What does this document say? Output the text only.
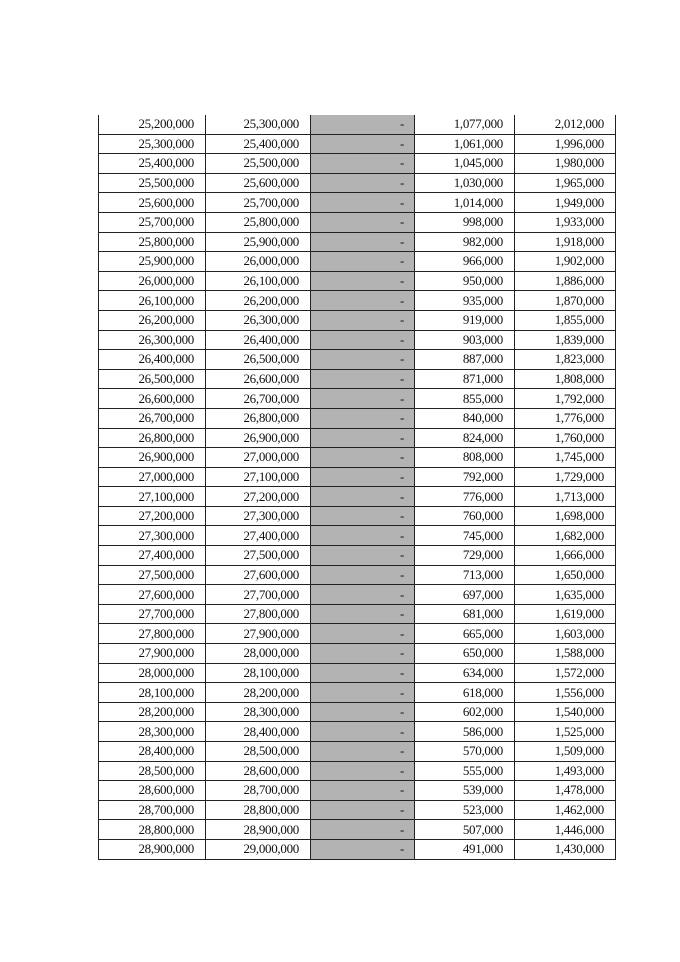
25,200,000	25,300,000	-	1,077,000	2,012,000
25,300,000	25,400,000	-	1,061,000	1,996,000
25,400,000	25,500,000	-	1,045,000	1,980,000
25,500,000	25,600,000	-	1,030,000	1,965,000
25,600,000	25,700,000	-	1,014,000	1,949,000
25,700,000	25,800,000	-	998,000	1,933,000
25,800,000	25,900,000	-	982,000	1,918,000
25,900,000	26,000,000	-	966,000	1,902,000
26,000,000	26,100,000	-	950,000	1,886,000
26,100,000	26,200,000	-	935,000	1,870,000
26,200,000	26,300,000	-	919,000	1,855,000
26,300,000	26,400,000	-	903,000	1,839,000
26,400,000	26,500,000	-	887,000	1,823,000
26,500,000	26,600,000	-	871,000	1,808,000
26,600,000	26,700,000	-	855,000	1,792,000
26,700,000	26,800,000	-	840,000	1,776,000
26,800,000	26,900,000	-	824,000	1,760,000
26,900,000	27,000,000	-	808,000	1,745,000
27,000,000	27,100,000	-	792,000	1,729,000
27,100,000	27,200,000	-	776,000	1,713,000
27,200,000	27,300,000	-	760,000	1,698,000
27,300,000	27,400,000	-	745,000	1,682,000
27,400,000	27,500,000	-	729,000	1,666,000
27,500,000	27,600,000	-	713,000	1,650,000
27,600,000	27,700,000	-	697,000	1,635,000
27,700,000	27,800,000	-	681,000	1,619,000
27,800,000	27,900,000	-	665,000	1,603,000
27,900,000	28,000,000	-	650,000	1,588,000
28,000,000	28,100,000	-	634,000	1,572,000
28,100,000	28,200,000	-	618,000	1,556,000
28,200,000	28,300,000	-	602,000	1,540,000
28,300,000	28,400,000	-	586,000	1,525,000
28,400,000	28,500,000	-	570,000	1,509,000
28,500,000	28,600,000	-	555,000	1,493,000
28,600,000	28,700,000	-	539,000	1,478,000
28,700,000	28,800,000	-	523,000	1,462,000
28,800,000	28,900,000	-	507,000	1,446,000
28,900,000	29,000,000	-	491,000	1,430,000
